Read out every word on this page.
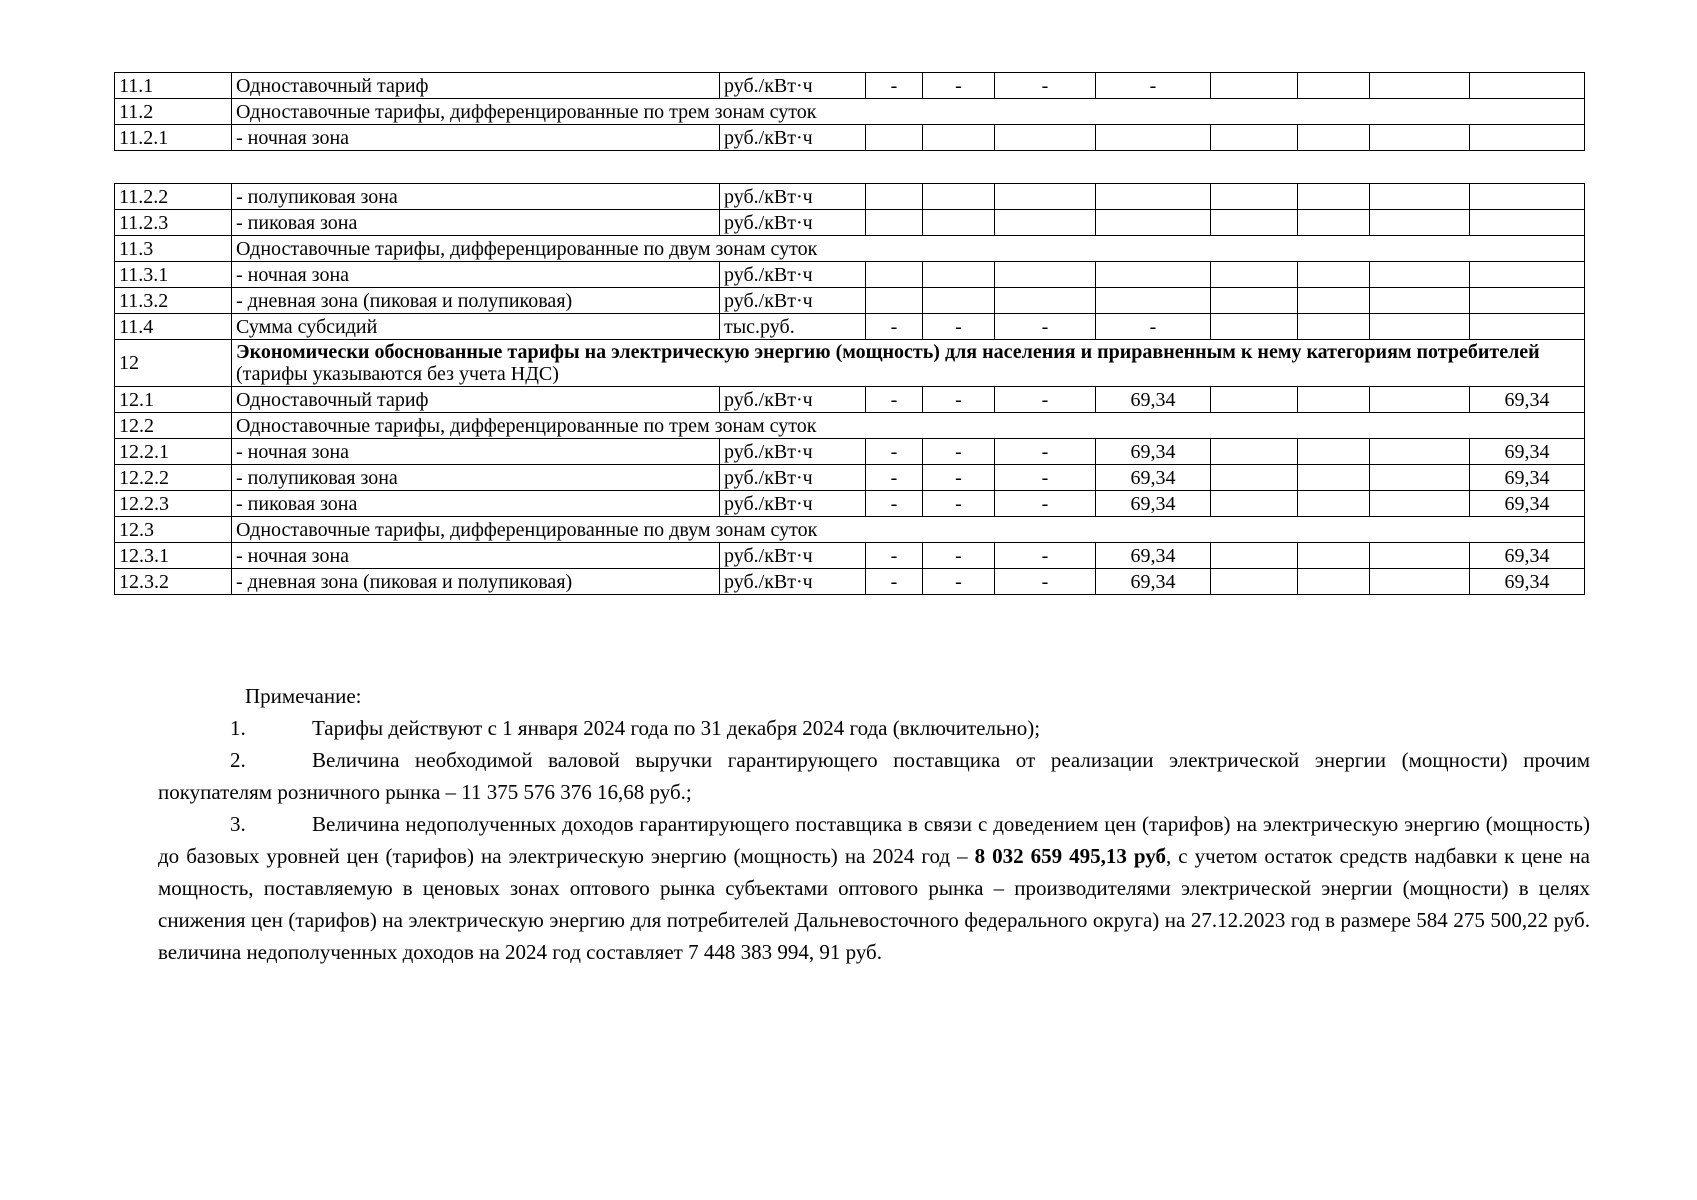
11.1	Одноставочный тариф	руб./кВт·ч	-	-	-	-				
11.2	Одноставочные тарифы, дифференцированные по трем зонам суток									
11.2.1	- ночная зона	руб./кВт·ч								
11.2.2	- полупиковая зона	руб./кВт·ч								
11.2.3	- пиковая зона	руб./кВт·ч								
11.3	Одноставочные тарифы, дифференцированные по двум зонам суток									
11.3.1	- ночная зона	руб./кВт·ч								
11.3.2	- дневная зона (пиковая и полупиковая)	руб./кВт·ч								
11.4	Сумма субсидий	тыс.руб.	-	-	-	-				
12	Экономически обоснованные тарифы на электрическую энергию (мощность) для населения и приравненным к нему категориям потребителей (тарифы указываются без учета НДС)									
12.1	Одноставочный тариф	руб./кВт·ч	-	-	-	69,34				69,34
12.2	Одноставочные тарифы, дифференцированные по трем зонам суток									
12.2.1	- ночная зона	руб./кВт·ч	-	-	-	69,34				69,34
12.2.2	- полупиковая зона	руб./кВт·ч	-	-	-	69,34				69,34
12.2.3	- пиковая зона	руб./кВт·ч	-	-	-	69,34				69,34
12.3	Одноставочные тарифы, дифференцированные по двум зонам суток									
12.3.1	- ночная зона	руб./кВт·ч	-	-	-	69,34				69,34
12.3.2	- дневная зона (пиковая и полупиковая)	руб./кВт·ч	-	-	-	69,34				69,34

Примечание:

1.	Тарифы действуют с 1 января 2024 года по 31 декабря 2024 года (включительно);

2.	Величина необходимой валовой выручки гарантирующего поставщика от реализации электрической энергии (мощности) прочим покупателям розничного рынка – 11 375 576 376 16,68 руб.;

3.	Величина недополученных доходов гарантирующего поставщика в связи с доведением цен (тарифов) на электрическую энергию (мощность) до базовых уровней цен (тарифов) на электрическую энергию (мощность) на 2024 год – 8 032 659 495,13 руб, с учетом остаток средств надбавки к цене на мощность, поставляемую в ценовых зонах оптового рынка субъектами оптового рынка – производителями электрической энергии (мощности) в целях снижения цен (тарифов) на электрическую энергию для потребителей Дальневосточного федерального округа) на 27.12.2023 год в размере 584 275 500,22 руб. величина недополученных доходов на 2024 год составляет 7 448 383 994, 91 руб.
